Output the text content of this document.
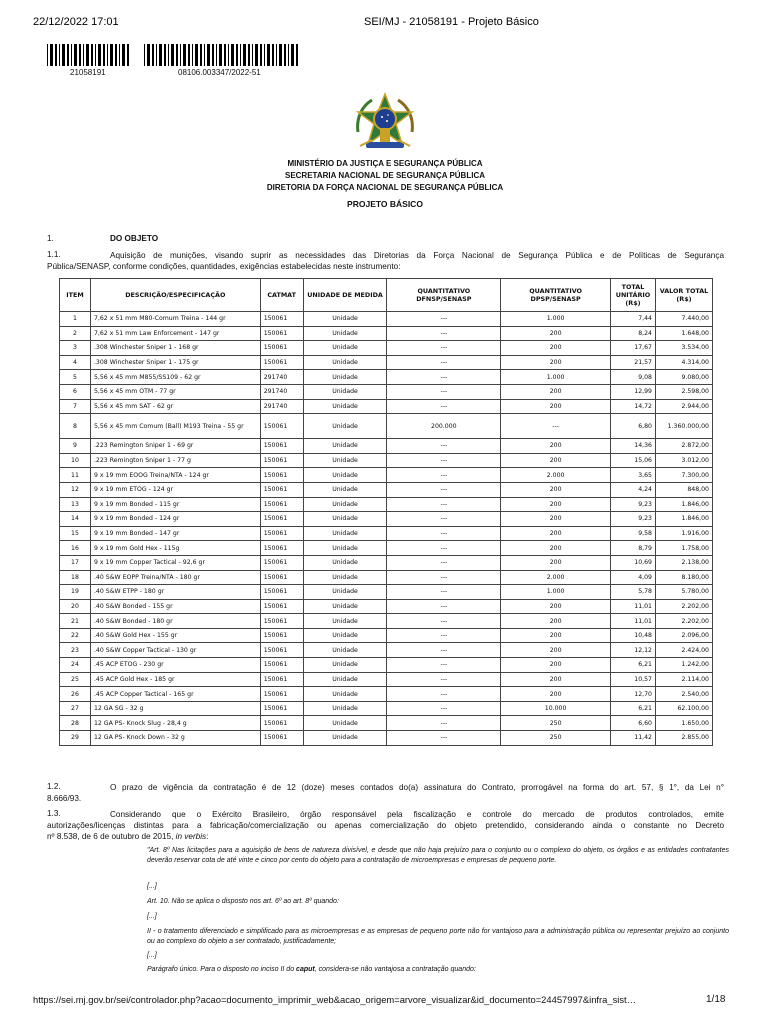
22/12/2022 17:01	SEI/MJ - 21058191 - Projeto Básico
21058191	08106.003347/2022-51
MINISTÉRIO DA JUSTIÇA E SEGURANÇA PÚBLICA
SECRETARIA NACIONAL DE SEGURANÇA PÚBLICA
DIRETORIA DA FORÇA NACIONAL DE SEGURANÇA PÚBLICA
PROJETO BÁSICO
1.	DO OBJETO
1.1.	Aquisição de munições, visando suprir as necessidades das Diretorias da Força Nacional de Segurança Pública e de Políticas de Segurança
Pública/SENASP, conforme condições, quantidades, exigências estabelecidas neste instrumento:
ITEM	DESCRIÇÃO/ESPECIFICAÇÃO	CATMAT	UNIDADE DE MEDIDA	QUANTITATIVO DFNSP/SENASP	QUANTITATIVO DPSP/SENASP	TOTAL UNITÁRIO (R$)	VALOR TOTAL (R$)
1	7,62 x 51 mm M80-Comum Treina - 144 gr	150061	Unidade	---	1.000	7,44	7.440,00
2	7,62 x 51 mm Law Enforcement - 147 gr	150061	Unidade	---	200	8,24	1.648,00
3	.308 Winchester Sniper 1 - 168 gr	150061	Unidade	---	200	17,67	3.534,00
4	.308 Winchester Sniper 1 - 175 gr	150061	Unidade	---	200	21,57	4.314,00
5	5,56 x 45 mm M855/SS109 - 62 gr	291740	Unidade	---	1.000	9,08	9.080,00
6	5,56 x 45 mm OTM - 77 gr	291740	Unidade	---	200	12,99	2.598,00
7	5,56 x 45 mm SAT - 62 gr	291740	Unidade	---	200	14,72	2.944,00
8	5,56 x 45 mm Comum (Ball) M193 Treina - 55 gr	150061	Unidade	200.000	---	6,80	1.360.000,00
9	.223 Remington Sniper 1 - 69 gr	150061	Unidade	---	200	14,36	2.872,00
10	.223 Remington Sniper 1 - 77 g	150061	Unidade	---	200	15,06	3.012,00
11	9 x 19 mm EOOG Treina/NTA - 124 gr	150061	Unidade	---	2.000	3,65	7.300,00
12	9 x 19 mm ETOG - 124 gr	150061	Unidade	---	200	4,24	848,00
13	9 x 19 mm Bonded - 115 gr	150061	Unidade	---	200	9,23	1.846,00
14	9 x 19 mm Bonded - 124 gr	150061	Unidade	---	200	9,23	1.846,00
15	9 x 19 mm Bonded - 147 gr	150061	Unidade	---	200	9,58	1.916,00
16	9 x 19 mm Gold Hex - 115g	150061	Unidade	---	200	8,79	1.758,00
17	9 x 19 mm Copper Tactical - 92,6 gr	150061	Unidade	---	200	10,69	2.138,00
18	.40 S&W EOPP Treina/NTA - 180 gr	150061	Unidade	---	2.000	4,09	8.180,00
19	.40 S&W ETPP - 180 gr	150061	Unidade	---	1.000	5,78	5.780,00
20	.40 S&W Bonded - 155 gr	150061	Unidade	---	200	11,01	2.202,00
21	.40 S&W Bonded - 180 gr	150061	Unidade	---	200	11,01	2.202,00
22	.40 S&W Gold Hex - 155 gr	150061	Unidade	---	200	10,48	2.096,00
23	.40 S&W Copper Tactical - 130 gr	150061	Unidade	---	200	12,12	2.424,00
24	.45 ACP ETOG - 230 gr	150061	Unidade	---	200	6,21	1.242,00
25	.45 ACP Gold Hex - 185 gr	150061	Unidade	---	200	10,57	2.114,00
26	.45 ACP Copper Tactical - 165 gr	150061	Unidade	---	200	12,70	2.540,00
27	12 GA SG - 32 g	150061	Unidade	---	10.000	6,21	62.100,00
28	12 GA PS- Knock Slug - 28,4 g	150061	Unidade	---	250	6,60	1.650,00
29	12 GA PS- Knock Down - 32 g	150061	Unidade	---	250	11,42	2.855,00
1.2.	O prazo de vigência da contratação é de 12 (doze) meses contados do(a) assinatura do Contrato, prorrogável na forma do art. 57, § 1°, da Lei n°
8.666/93.
1.3.	Considerando que o Exército Brasileiro, órgão responsável pela fiscalização e controle do mercado de produtos controlados, emite
autorizações/licenças distintas para a fabricação/comercialização ou apenas comercialização do objeto pretendido, considerando ainda o constante no Decreto
nº 8.538, de 6 de outubro de 2015, in verbis:
"Art. 8º Nas licitações para a aquisição de bens de natureza divisível, e desde que não haja prejuízo para o conjunto ou o complexo do objeto, os órgãos e as entidades contratantes deverão reservar cota de até vinte e cinco por cento do objeto para a contratação de microempresas e empresas de pequeno porte.
[...]
Art. 10. Não se aplica o disposto nos art. 6º ao art. 8º quando:
[...]
II - o tratamento diferenciado e simplificado para as microempresas e as empresas de pequeno porte não for vantajoso para a administração pública ou representar prejuízo ao conjunto ou ao complexo do objeto a ser contratado, justificadamente;
[...]
Parágrafo único. Para o disposto no inciso II do caput, considera-se não vantajosa a contratação quando:
https://sei.mj.gov.br/sei/controlador.php?acao=documento_imprimir_web&acao_origem=arvore_visualizar&id_documento=24457997&infra_sist…	1/18
